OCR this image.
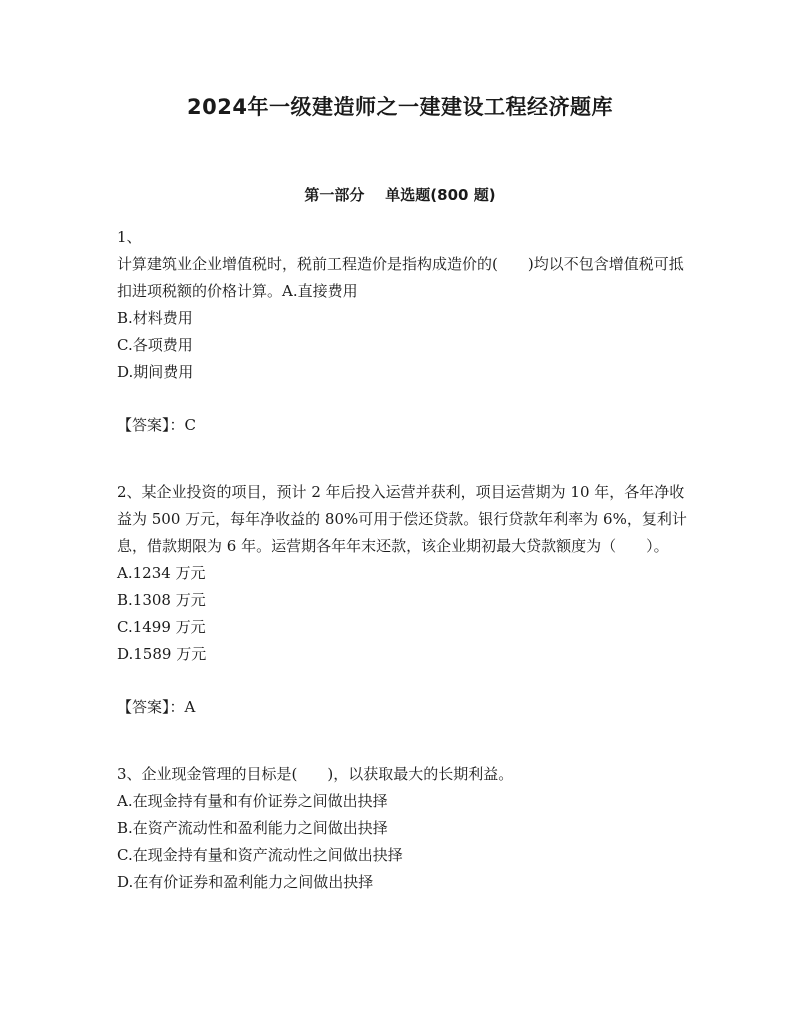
2024年一级建造师之一建建设工程经济题库
第一部分    单选题(800 题)
1、
计算建筑业企业增值税时，税前工程造价是指构成造价的(　　)均以不包含增值税可抵扣进项税额的价格计算。A.直接费用
B.材料费用
C.各项费用
D.期间费用
【答案】：C
2、某企业投资的项目，预计 2 年后投入运营并获利，项目运营期为 10 年，各年净收益为 500 万元，每年净收益的 80%可用于偿还贷款。银行贷款年利率为 6%，复利计息，借款期限为 6 年。运营期各年年末还款，该企业期初最大贷款额度为（　　）。
A.1234 万元
B.1308 万元
C.1499 万元
D.1589 万元
【答案】：A
3、企业现金管理的目标是(　　)，以获取最大的长期利益。
A.在现金持有量和有价证券之间做出抉择
B.在资产流动性和盈利能力之间做出抉择
C.在现金持有量和资产流动性之间做出抉择
D.在有价证券和盈利能力之间做出抉择
